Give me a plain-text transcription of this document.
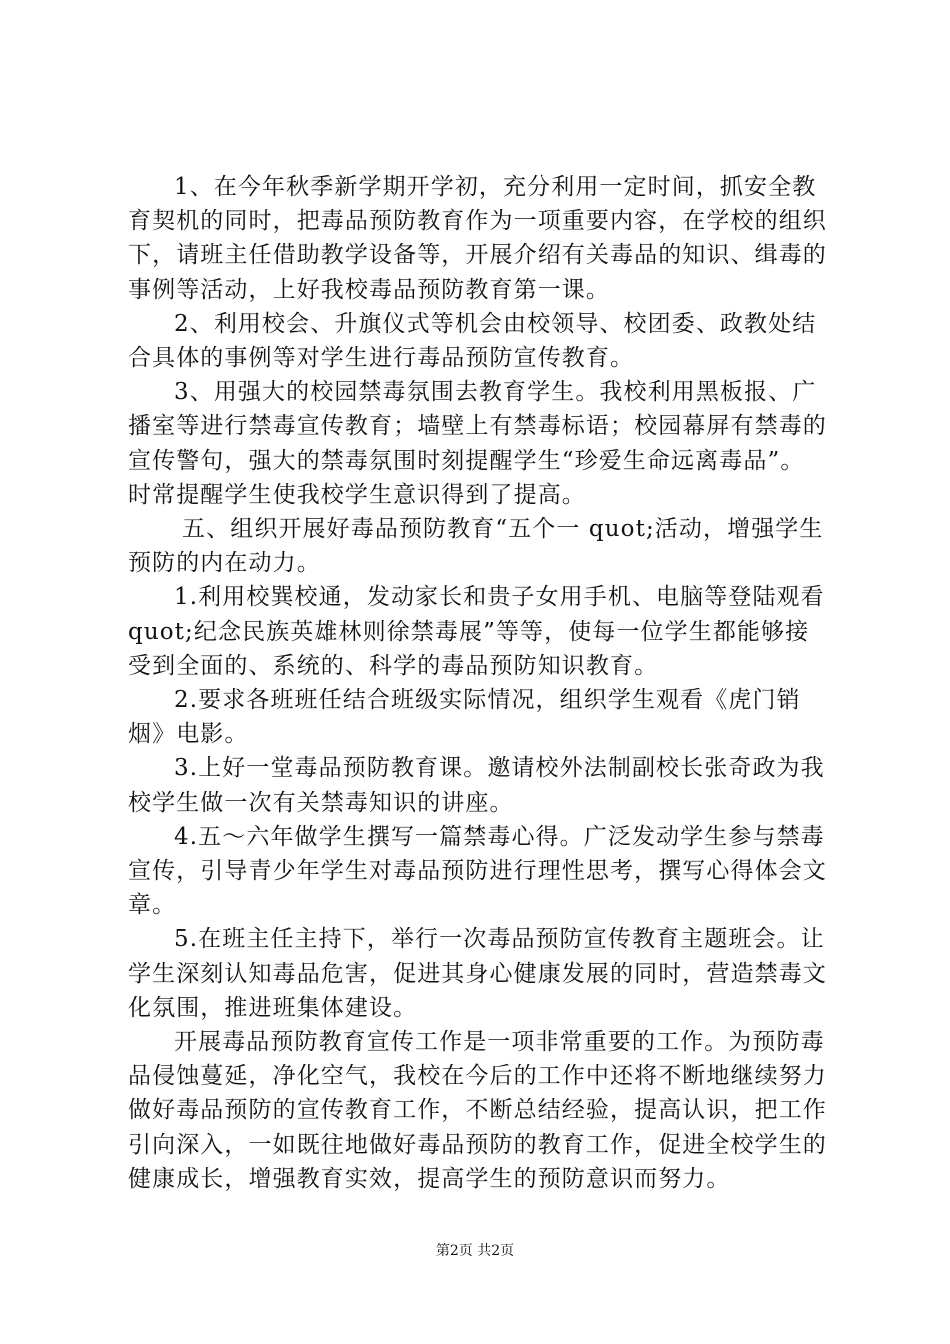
1、在今年秋季新学期开学初，充分利用一定时间，抓安全教育契机的同时，把毒品预防教育作为一项重要内容，在学校的组织下，请班主任借助教学设备等，开展介绍有关毒品的知识、缉毒的事例等活动，上好我校毒品预防教育第一课。

2、利用校会、升旗仪式等机会由校领导、校团委、政教处结合具体的事例等对学生进行毒品预防宣传教育。

3、用强大的校园禁毒氛围去教育学生。我校利用黑板报、广播室等进行禁毒宣传教育；墙壁上有禁毒标语；校园幕屏有禁毒的宣传警句，强大的禁毒氛围时刻提醒学生“珍爱生命远离毒品”。时常提醒学生使我校学生意识得到了提高。

五、组织开展好毒品预防教育“五个一 quot;活动，增强学生预防的内在动力。

1.利用校巽校通，发动家长和贵子女用手机、电脑等登陆观看 quot;纪念民族英雄林则徐禁毒展”等等，使每一位学生都能够接受到全面的、系统的、科学的毒品预防知识教育。

2.要求各班班任结合班级实际情况，组织学生观看《虎门销烟》电影。

3.上好一堂毒品预防教育课。邀请校外法制副校长张奇政为我校学生做一次有关禁毒知识的讲座。

4.五～六年做学生撰写一篇禁毒心得。广泛发动学生参与禁毒宣传，引导青少年学生对毒品预防进行理性思考，撰写心得体会文章。

5.在班主任主持下，举行一次毒品预防宣传教育主题班会。让学生深刻认知毒品危害，促进其身心健康发展的同时，营造禁毒文化氛围，推进班集体建设。

开展毒品预防教育宣传工作是一项非常重要的工作。为预防毒品侵蚀蔓延，净化空气，我校在今后的工作中还将不断地继续努力做好毒品预防的宣传教育工作，不断总结经验，提高认识，把工作引向深入，一如既往地做好毒品预防的教育工作，促进全校学生的健康成长，增强教育实效，提高学生的预防意识而努力。

第2页 共2页
